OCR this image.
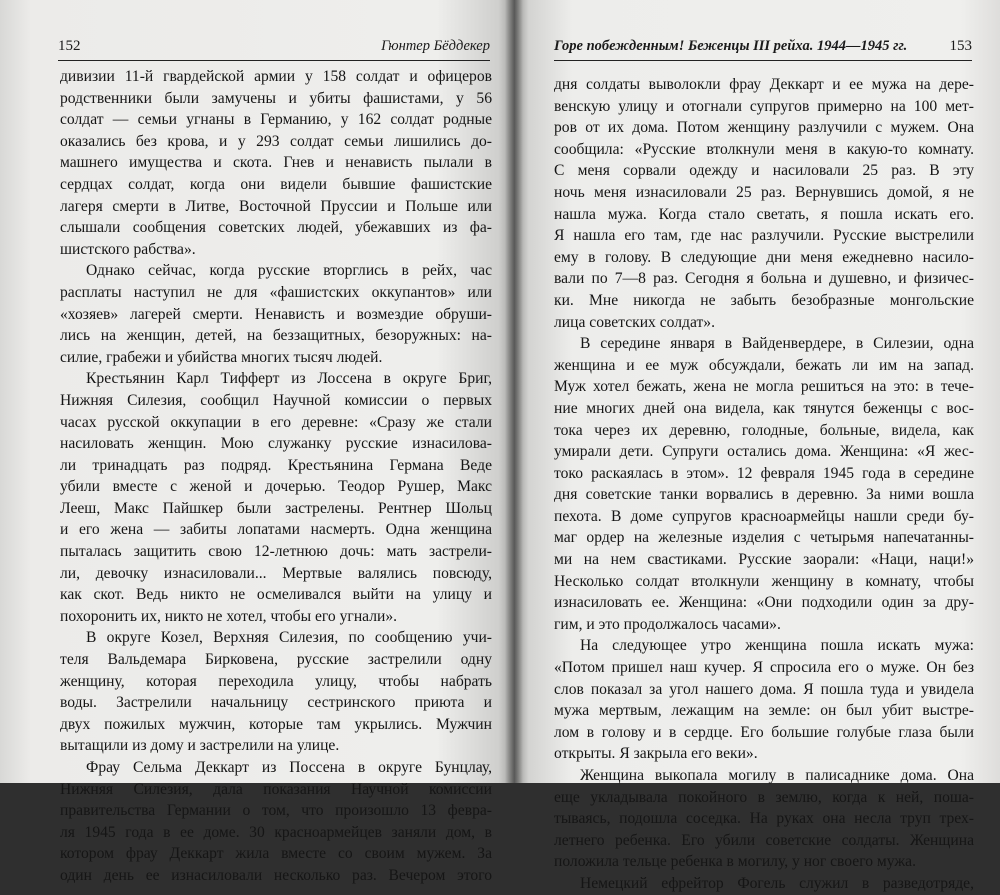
152	Гюнтер Бёддекер
дивизии 11-й гвардейской армии у 158 солдат и офицеров
родственники были замучены и убиты фашистами, у 56
солдат — семьи угнаны в Германию, у 162 солдат родные
оказались без крова, и у 293 солдат семьи лишились до-
машнего имущества и скота. Гнев и ненависть пылали в
сердцах солдат, когда они видели бывшие фашистские
лагеря смерти в Литве, Восточной Пруссии и Польше или
слышали сообщения советских людей, убежавших из фа-
шистского рабства».
Однако сейчас, когда русские вторглись в рейх, час
расплаты наступил не для «фашистских оккупантов» или
«хозяев» лагерей смерти. Ненависть и возмездие обруши-
лись на женщин, детей, на беззащитных, безоружных: на-
силие, грабежи и убийства многих тысяч людей.
Крестьянин Карл Тифферт из Лоссена в округе Бриг,
Нижняя Силезия, сообщил Научной комиссии о первых
часах русской оккупации в его деревне: «Сразу же стали
насиловать женщин. Мою служанку русские изнасилова-
ли тринадцать раз подряд. Крестьянина Германа Веде
убили вместе с женой и дочерью. Теодор Рушер, Макс
Лееш, Макс Пайшкер были застрелены. Рентнер Шольц
и его жена — забиты лопатами насмерть. Одна женщина
пыталась защитить свою 12-летнюю дочь: мать застрели-
ли, девочку изнасиловали... Мертвые валялись повсюду,
как скот. Ведь никто не осмеливался выйти на улицу и
похоронить их, никто не хотел, чтобы его угнали».
В округе Козел, Верхняя Силезия, по сообщению учи-
теля Вальдемара Бирковена, русские застрелили одну
женщину, которая переходила улицу, чтобы набрать
воды. Застрелили начальницу сестринского приюта и
двух пожилых мужчин, которые там укрылись. Мужчин
вытащили из дому и застрелили на улице.
Фрау Сельма Деккарт из Поссена в округе Бунцлау,
Нижняя Силезия, дала показания Научной комиссии
правительства Германии о том, что произошло 13 февра-
ля 1945 года в ее доме. 30 красноармейцев заняли дом, в
котором фрау Деккарт жила вместе со своим мужем. За
один день ее изнасиловали несколько раз. Вечером этого
Горе побежденным! Беженцы III рейха. 1944—1945 гг.	153
дня солдаты выволокли фрау Деккарт и ее мужа на дере-
венскую улицу и отогнали супругов примерно на 100 мет-
ров от их дома. Потом женщину разлучили с мужем. Она
сообщила: «Русские втолкнули меня в какую-то комнату.
С меня сорвали одежду и насиловали 25 раз. В эту
ночь меня изнасиловали 25 раз. Вернувшись домой, я не
нашла мужа. Когда стало светать, я пошла искать его.
Я нашла его там, где нас разлучили. Русские выстрелили
ему в голову. В следующие дни меня ежедневно насило-
вали по 7—8 раз. Сегодня я больна и душевно, и физичес-
ки. Мне никогда не забыть безобразные монгольские
лица советских солдат».
В середине января в Вайденвердере, в Силезии, одна
женщина и ее муж обсуждали, бежать ли им на запад.
Муж хотел бежать, жена не могла решиться на это: в тече-
ние многих дней она видела, как тянутся беженцы с вос-
тока через их деревню, голодные, больные, видела, как
умирали дети. Супруги остались дома. Женщина: «Я жес-
токо раскаялась в этом». 12 февраля 1945 года в середине
дня советские танки ворвались в деревню. За ними вошла
пехота. В доме супругов красноармейцы нашли среди бу-
маг ордер на железные изделия с четырьмя напечатанны-
ми на нем свастиками. Русские заорали: «Наци, наци!»
Несколько солдат втолкнули женщину в комнату, чтобы
изнасиловать ее. Женщина: «Они подходили один за дру-
гим, и это продолжалось часами».
На следующее утро женщина пошла искать мужа:
«Потом пришел наш кучер. Я спросила его о муже. Он без
слов показал за угол нашего дома. Я пошла туда и увидела
мужа мертвым, лежащим на земле: он был убит выстре-
лом в голову и в сердце. Его большие голубые глаза были
открыты. Я закрыла его веки».
Женщина выкопала могилу в палисаднике дома. Она
еще укладывала покойного в землю, когда к ней, поша-
тываясь, подошла соседка. На руках она несла труп трех-
летнего ребенка. Его убили советские солдаты. Женщина
положила тельце ребенка в могилу, у ног своего мужа.
Немецкий ефрейтор Фогель служил в разведотряде,
